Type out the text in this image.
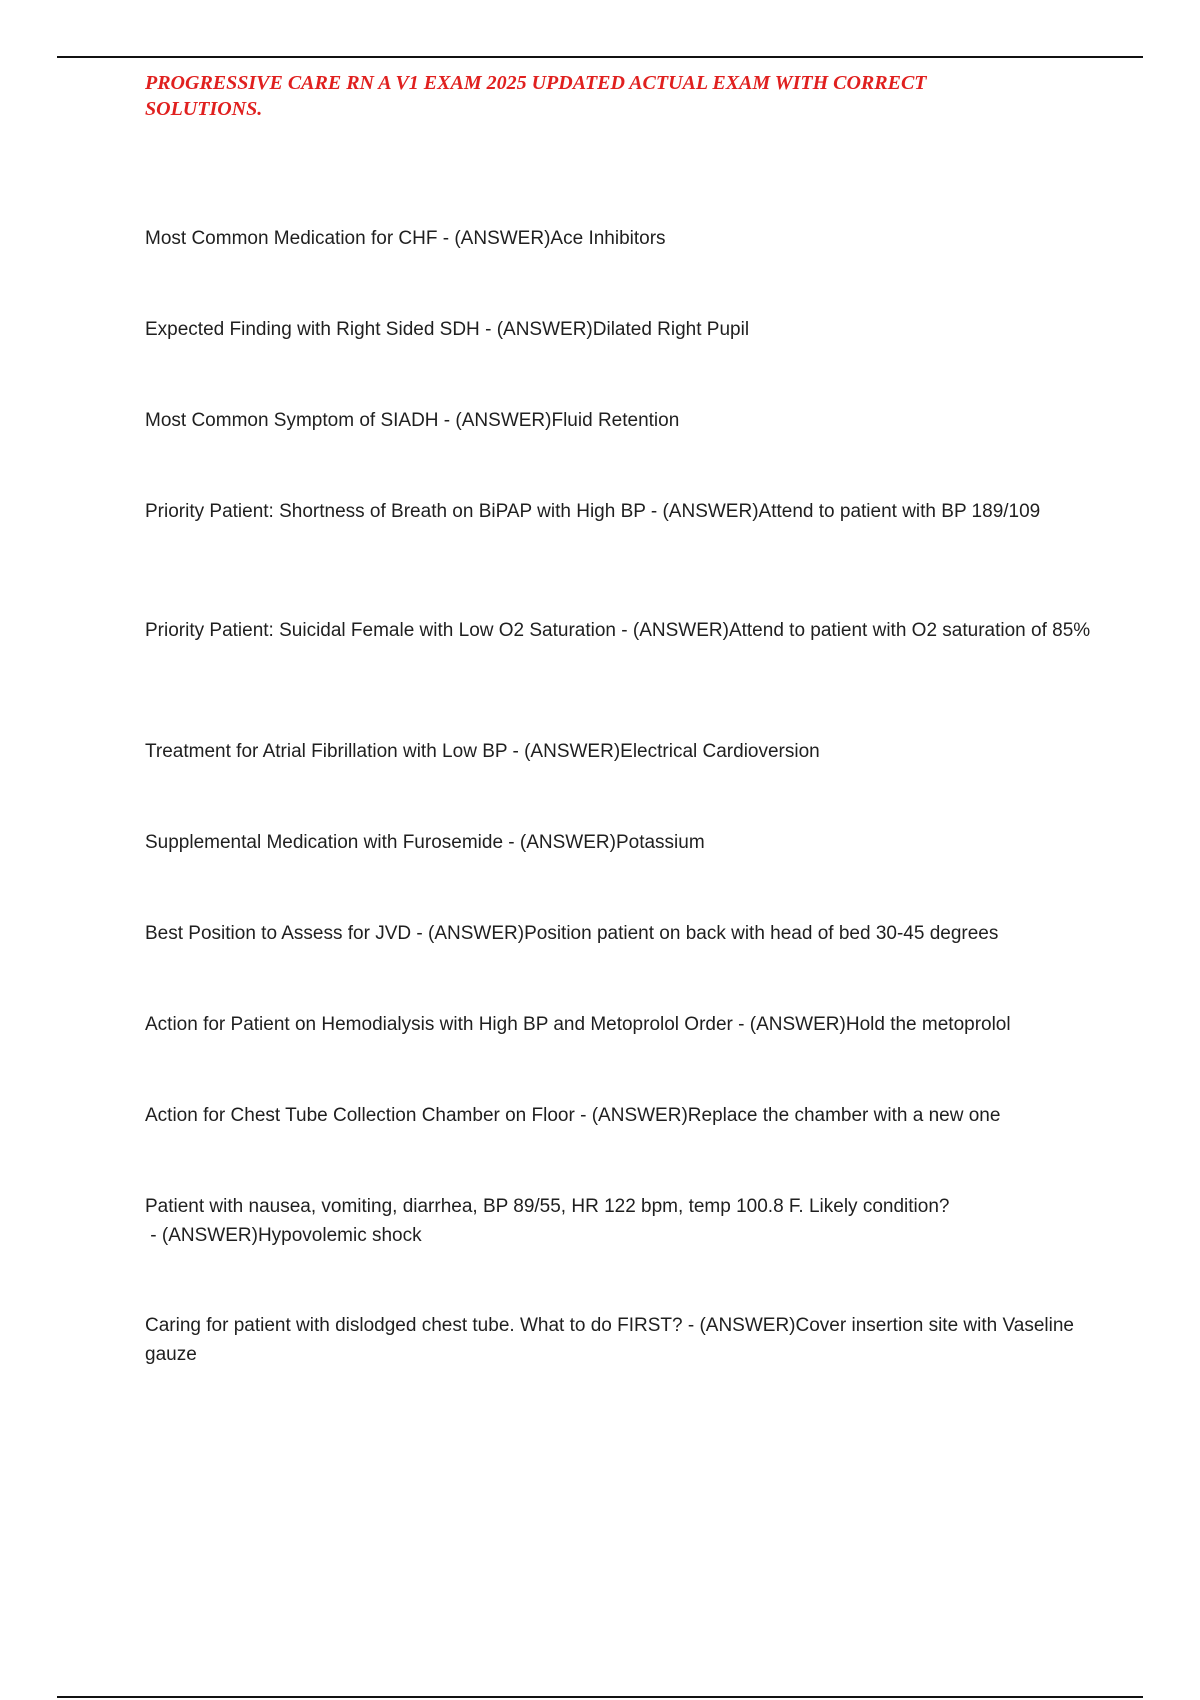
PROGRESSIVE CARE RN A V1 EXAM 2025 UPDATED ACTUAL EXAM WITH CORRECT SOLUTIONS.
Most Common Medication for CHF - (ANSWER)Ace Inhibitors
Expected Finding with Right Sided SDH - (ANSWER)Dilated Right Pupil
Most Common Symptom of SIADH - (ANSWER)Fluid Retention
Priority Patient: Shortness of Breath on BiPAP with High BP - (ANSWER)Attend to patient with BP 189/109
Priority Patient: Suicidal Female with Low O2 Saturation - (ANSWER)Attend to patient with O2 saturation of 85%
Treatment for Atrial Fibrillation with Low BP - (ANSWER)Electrical Cardioversion
Supplemental Medication with Furosemide - (ANSWER)Potassium
Best Position to Assess for JVD - (ANSWER)Position patient on back with head of bed 30-45 degrees
Action for Patient on Hemodialysis with High BP and Metoprolol Order - (ANSWER)Hold the metoprolol
Action for Chest Tube Collection Chamber on Floor - (ANSWER)Replace the chamber with a new one
Patient with nausea, vomiting, diarrhea, BP 89/55, HR 122 bpm, temp 100.8 F. Likely condition? - (ANSWER)Hypovolemic shock
Caring for patient with dislodged chest tube. What to do FIRST? - (ANSWER)Cover insertion site with Vaseline gauze
